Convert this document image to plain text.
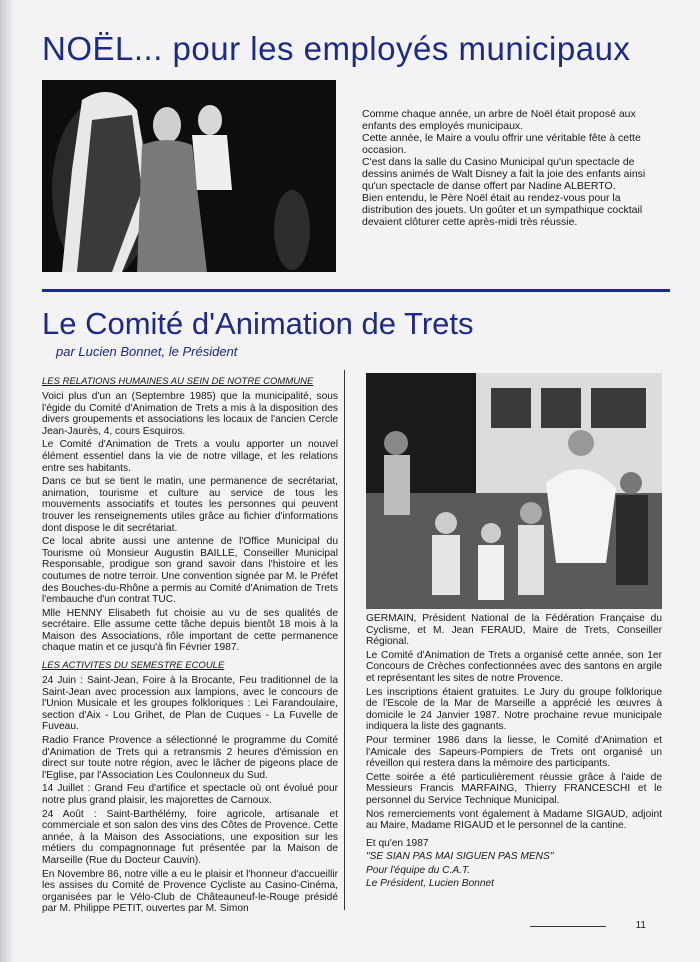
NOËL... pour les employés municipaux

Comme chaque année, un arbre de Noël était proposé aux enfants des employés municipaux.

Cette année, le Maire a voulu offrir une véritable fête à cette occasion.

C'est dans la salle du Casino Municipal qu'un spectacle de dessins animés de Walt Disney a fait la joie des enfants ainsi qu'un spectacle de danse offert par Nadine ALBERTO.

Bien entendu, le Père Noël était au rendez-vous pour la distribution des jouets. Un goûter et un sympathique cocktail devaient clôturer cette après-midi très réussie.

Le Comité d'Animation de Trets
par Lucien Bonnet, le Président
LES RELATIONS HUMAINES AU SEIN DE NOTRE COMMUNE

Voici plus d'un an (Septembre 1985) que la municipalité, sous l'égide du Comité d'Animation de Trets a mis à la disposition des divers groupements et associations les locaux de l'ancien Cercle Jean-Jaurès, 4, cours Esquiros.

Le Comité d'Animation de Trets a voulu apporter un nouvel élément essentiel dans la vie de notre village, et les relations entre ses habitants.

Dans ce but se tient le matin, une permanence de secrétariat, animation, tourisme et culture au service de tous les mouvements associatifs et toutes les personnes qui peuvent trouver les renseignements utiles grâce au fichier d'informations dont dispose le dit secrétariat.

Ce local abrite aussi une antenne de l'Office Municipal du Tourisme où Monsieur Augustin BAILLE, Conseiller Municipal Responsable, prodigue son grand savoir dans l'histoire et les coutumes de notre terroir. Une convention signée par M. le Préfet des Bouches-du-Rhône a permis au Comité d'Animation de Trets l'embauche d'un contrat TUC.

Mlle HENNY Elisabeth fut choisie au vu de ses qualités de secrétaire. Elle assume cette tâche depuis bientôt 18 mois à la Maison des Associations, rôle important de cette permanence chaque matin et ce jusqu'à fin Février 1987.

LES ACTIVITES DU SEMESTRE ECOULE

24 Juin : Saint-Jean, Foire à la Brocante, Feu traditionnel de la Saint-Jean avec procession aux lampions, avec le concours de l'Union Musicale et les groupes folkloriques : Lei Farandoulaire, section d'Aix - Lou Grihet, de Plan de Cuques - La Fuvelle de Fuveau.

Radio France Provence a sélectionné le programme du Comité d'Animation de Trets qui a retransmis 2 heures d'émission en direct sur toute notre région, avec le lâcher de pigeons place de l'Eglise, par l'Association Les Coulonneux du Sud.

14 Juillet : Grand Feu d'artifice et spectacle où ont évolué pour notre plus grand plaisir, les majorettes de Carnoux.

24 Août : Saint-Barthélémy, foire agricole, artisanale et commerciale et son salon des vins des Côtes de Provence. Cette année, à la Maison des Associations, une exposition sur les métiers du compagnonnage fut présentée par la Maison de Marseille (Rue du Docteur Cauvin).

En Novembre 86, notre ville a eu le plaisir et l'honneur d'accueillir les assises du Comité de Provence Cycliste au Casino-Cinéma, organisées par le Vélo-Club de Châteauneuf-le-Rouge présidé par M. Philippe PETIT, ouvertes par M. Simon

GERMAIN, Président National de la Fédération Française du Cyclisme, et M. Jean FERAUD, Maire de Trets, Conseiller Régional.

Le Comité d'Animation de Trets a organisé cette année, son 1er Concours de Crèches confectionnées avec des santons en argile et représentant les sites de notre Provence.

Les inscriptions étaient gratuites. Le Jury du groupe folklorique de l'Escole de la Mar de Marseille a apprécié les œuvres à domicile le 24 Janvier 1987. Notre prochaine revue municipale indiquera la liste des gagnants.

Pour terminer 1986 dans la liesse, le Comité d'Animation et l'Amicale des Sapeurs-Pompiers de Trets ont organisé un réveillon qui restera dans la mémoire des participants.

Cette soirée a été particulièrement réussie grâce à l'aide de Messieurs Francis MARFAING, Thierry FRANCESCHI et le personnel du Service Technique Municipal.

Nos remerciements vont également à Madame SIGAUD, adjoint au Maire, Madame RIGAUD et le personnel de la cantine.

Et qu'en 1987

"SE SIAN PAS MAI SIGUEN PAS MENS"

Pour l'équipe du C.A.T.

Le Président, Lucien Bonnet

11
